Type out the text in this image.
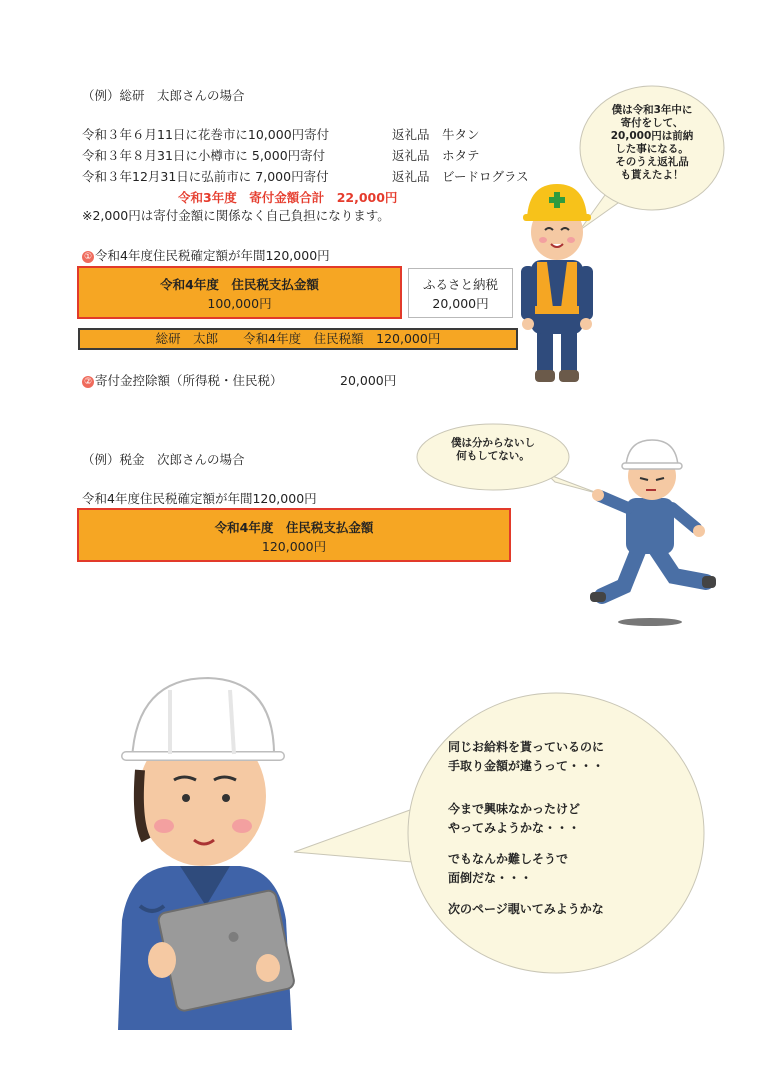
（例）総研　太郎さんの場合
令和３年６月11日に花巻市に10,000円寄付	返礼品　 牛タン
令和３年８月31日に小樽市に 5,000円寄付	返礼品　 ホタテ
令和３年12月31日に弘前市に 7,000円寄付	返礼品　 ビードログラス
令和3年度　寄付金額合計　22,000円
※2,000円は寄付金額に関係なく自己負担になります。
① 令和4年度住民税確定額が年間120,000円
令和4年度　住民税支払金額
100,000円
ふるさと納税
20,000円
総研　太郎　　令和4年度　住民税額　120,000円
② 寄付金控除額（所得税・住民税）	20,000円
僕は令和3年中に
寄付をして、
20,000円は前納
した事になる。
そのうえ返礼品
も貰えたよ！
（例）税金　次郎さんの場合
令和4年度住民税確定額が年間120,000円
令和4年度　住民税支払金額
120,000円
僕は分からないし
何もしてない。
同じお給料を貰っているのに
手取り金額が違うって・・・
今まで興味なかったけど
やってみようかな・・・
でもなんか難しそうで
面倒だな・・・
次のページ覗いてみようかな
